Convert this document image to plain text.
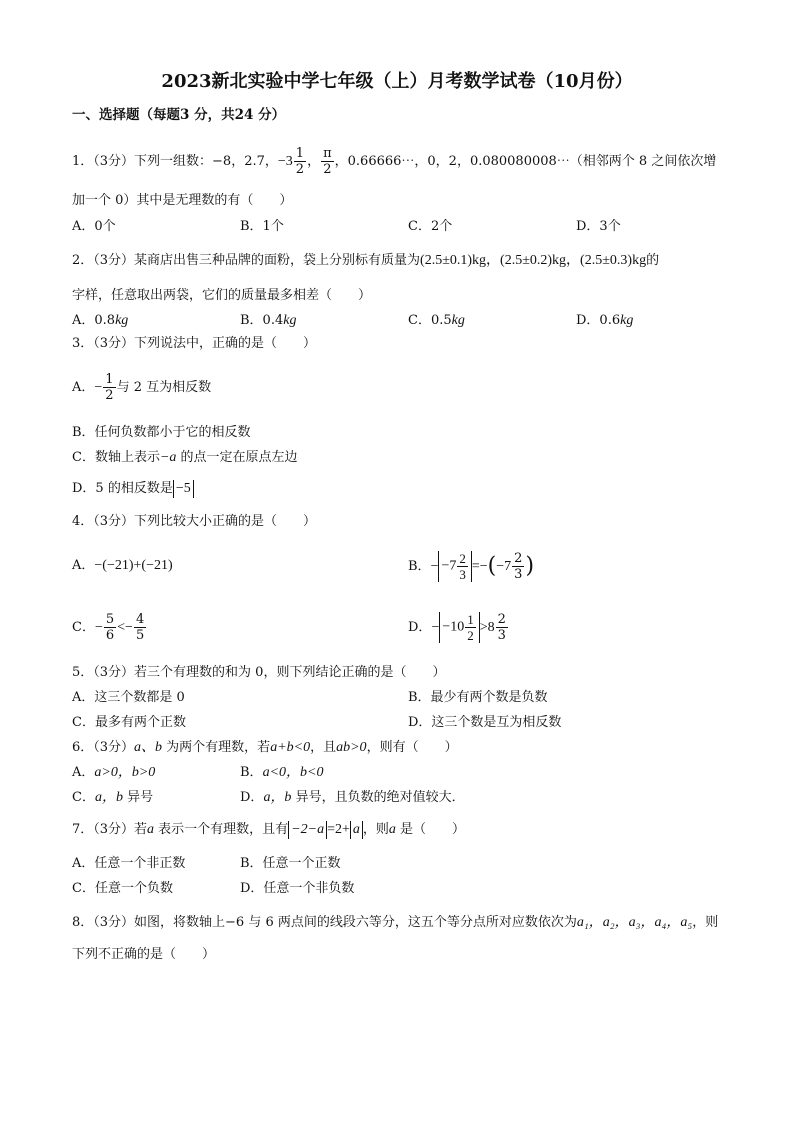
2023新北实验中学七年级（上）月考数学试卷（10月份）
一、选择题（每题3 分，共24 分）
1．（3分）下列一组数：−8，2.7，$-3 \frac{1}{2}$ ， $\frac{\pi}{2}$ ，0.66666⋯，0，2，0.080080008⋯（相邻两个 8 之间依次增
加一个 0）其中是无理数的有（　　）
A．0个	B．1个	C．2个	D．3个
2．（3分）某商店出售三种品牌的面粉，袋上分别标有质量为(2.5±0.1)kg，(2.5±0.2)kg，(2.5±0.3)kg的
字样，任意取出两袋，它们的质量最多相差（　　）
A．0.8kg	B．0.4kg	C．0.5kg	D．0.6kg
3．（3分）下列说法中，正确的是（　　）
A．− $\frac{1}{2}$ 与 2 互为相反数
B．任何负数都小于它的相反数
C．数轴上表示−a 的点一定在原点左边
D．5 的相反数是 −5
4．（3分）下列比较大小正确的是（　　）
A．−(−21)+(−21)	B．− $-7 \frac{2}{3} =-(-7 \frac{2}{3}$ )
C．− $\frac{5}{6} <- \frac{4}{5}$	D．− $-10 \frac{1}{2} >8 \frac{2}{3}$
5．（3分）若三个有理数的和为 0，则下列结论正确的是（　　）
A．这三个数都是 0	B．最少有两个数是负数
C．最多有两个正数	D．这三个数是互为相反数
6．（3分）a、b 为两个有理数，若a+b<0，且ab>0，则有（　　）
A．a>0，b>0	B．a<0，b<0
C．a，b 异号	D．a，b 异号，且负数的绝对值较大．
7．（3分）若a 表示一个有理数，且有 −2−a =2+ a ，则a 是（　　）
A．任意一个非正数	B．任意一个正数
C．任意一个负数	D．任意一个非负数
8．（3分）如图，将数轴上−6 与 6 两点间的线段六等分，这五个等分点所对应数依次为a₁，a₂，a₃，a₄，a₅，则
下列不正确的是（　　）
